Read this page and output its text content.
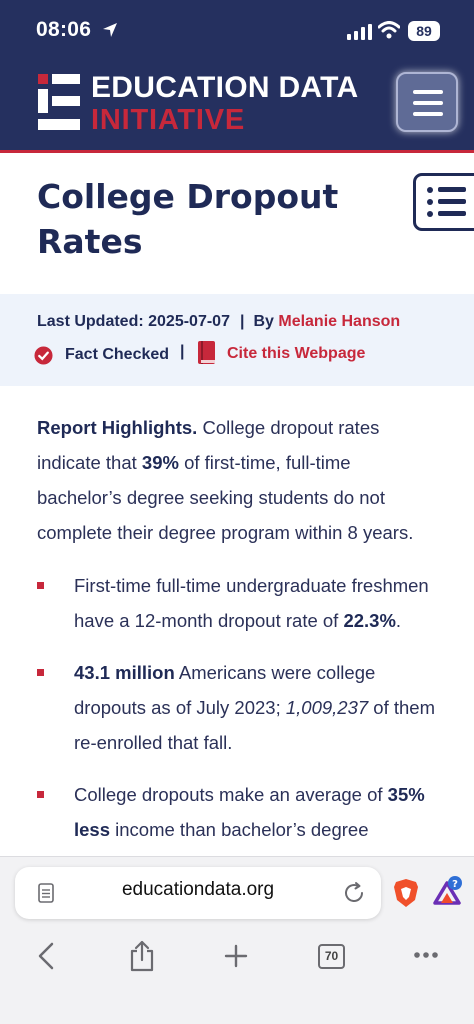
08:06	89
EDUCATION DATA
INITIATIVE
College Dropout Rates
Last Updated: 2025-07-07 | By Melanie Hanson
Fact Checked |	Cite this Webpage

Report Highlights. College dropout rates indicate that 39% of first-time, full-time bachelor’s degree seeking students do not complete their degree program within 8 years.

First-time full-time undergraduate freshmen have a 12-month dropout rate of 22.3%.
43.1 million Americans were college dropouts as of July 2023; 1,009,237 of them re-enrolled that fall.
College dropouts make an average of 35% less income than bachelor’s degree
educationdata.org	?
70
